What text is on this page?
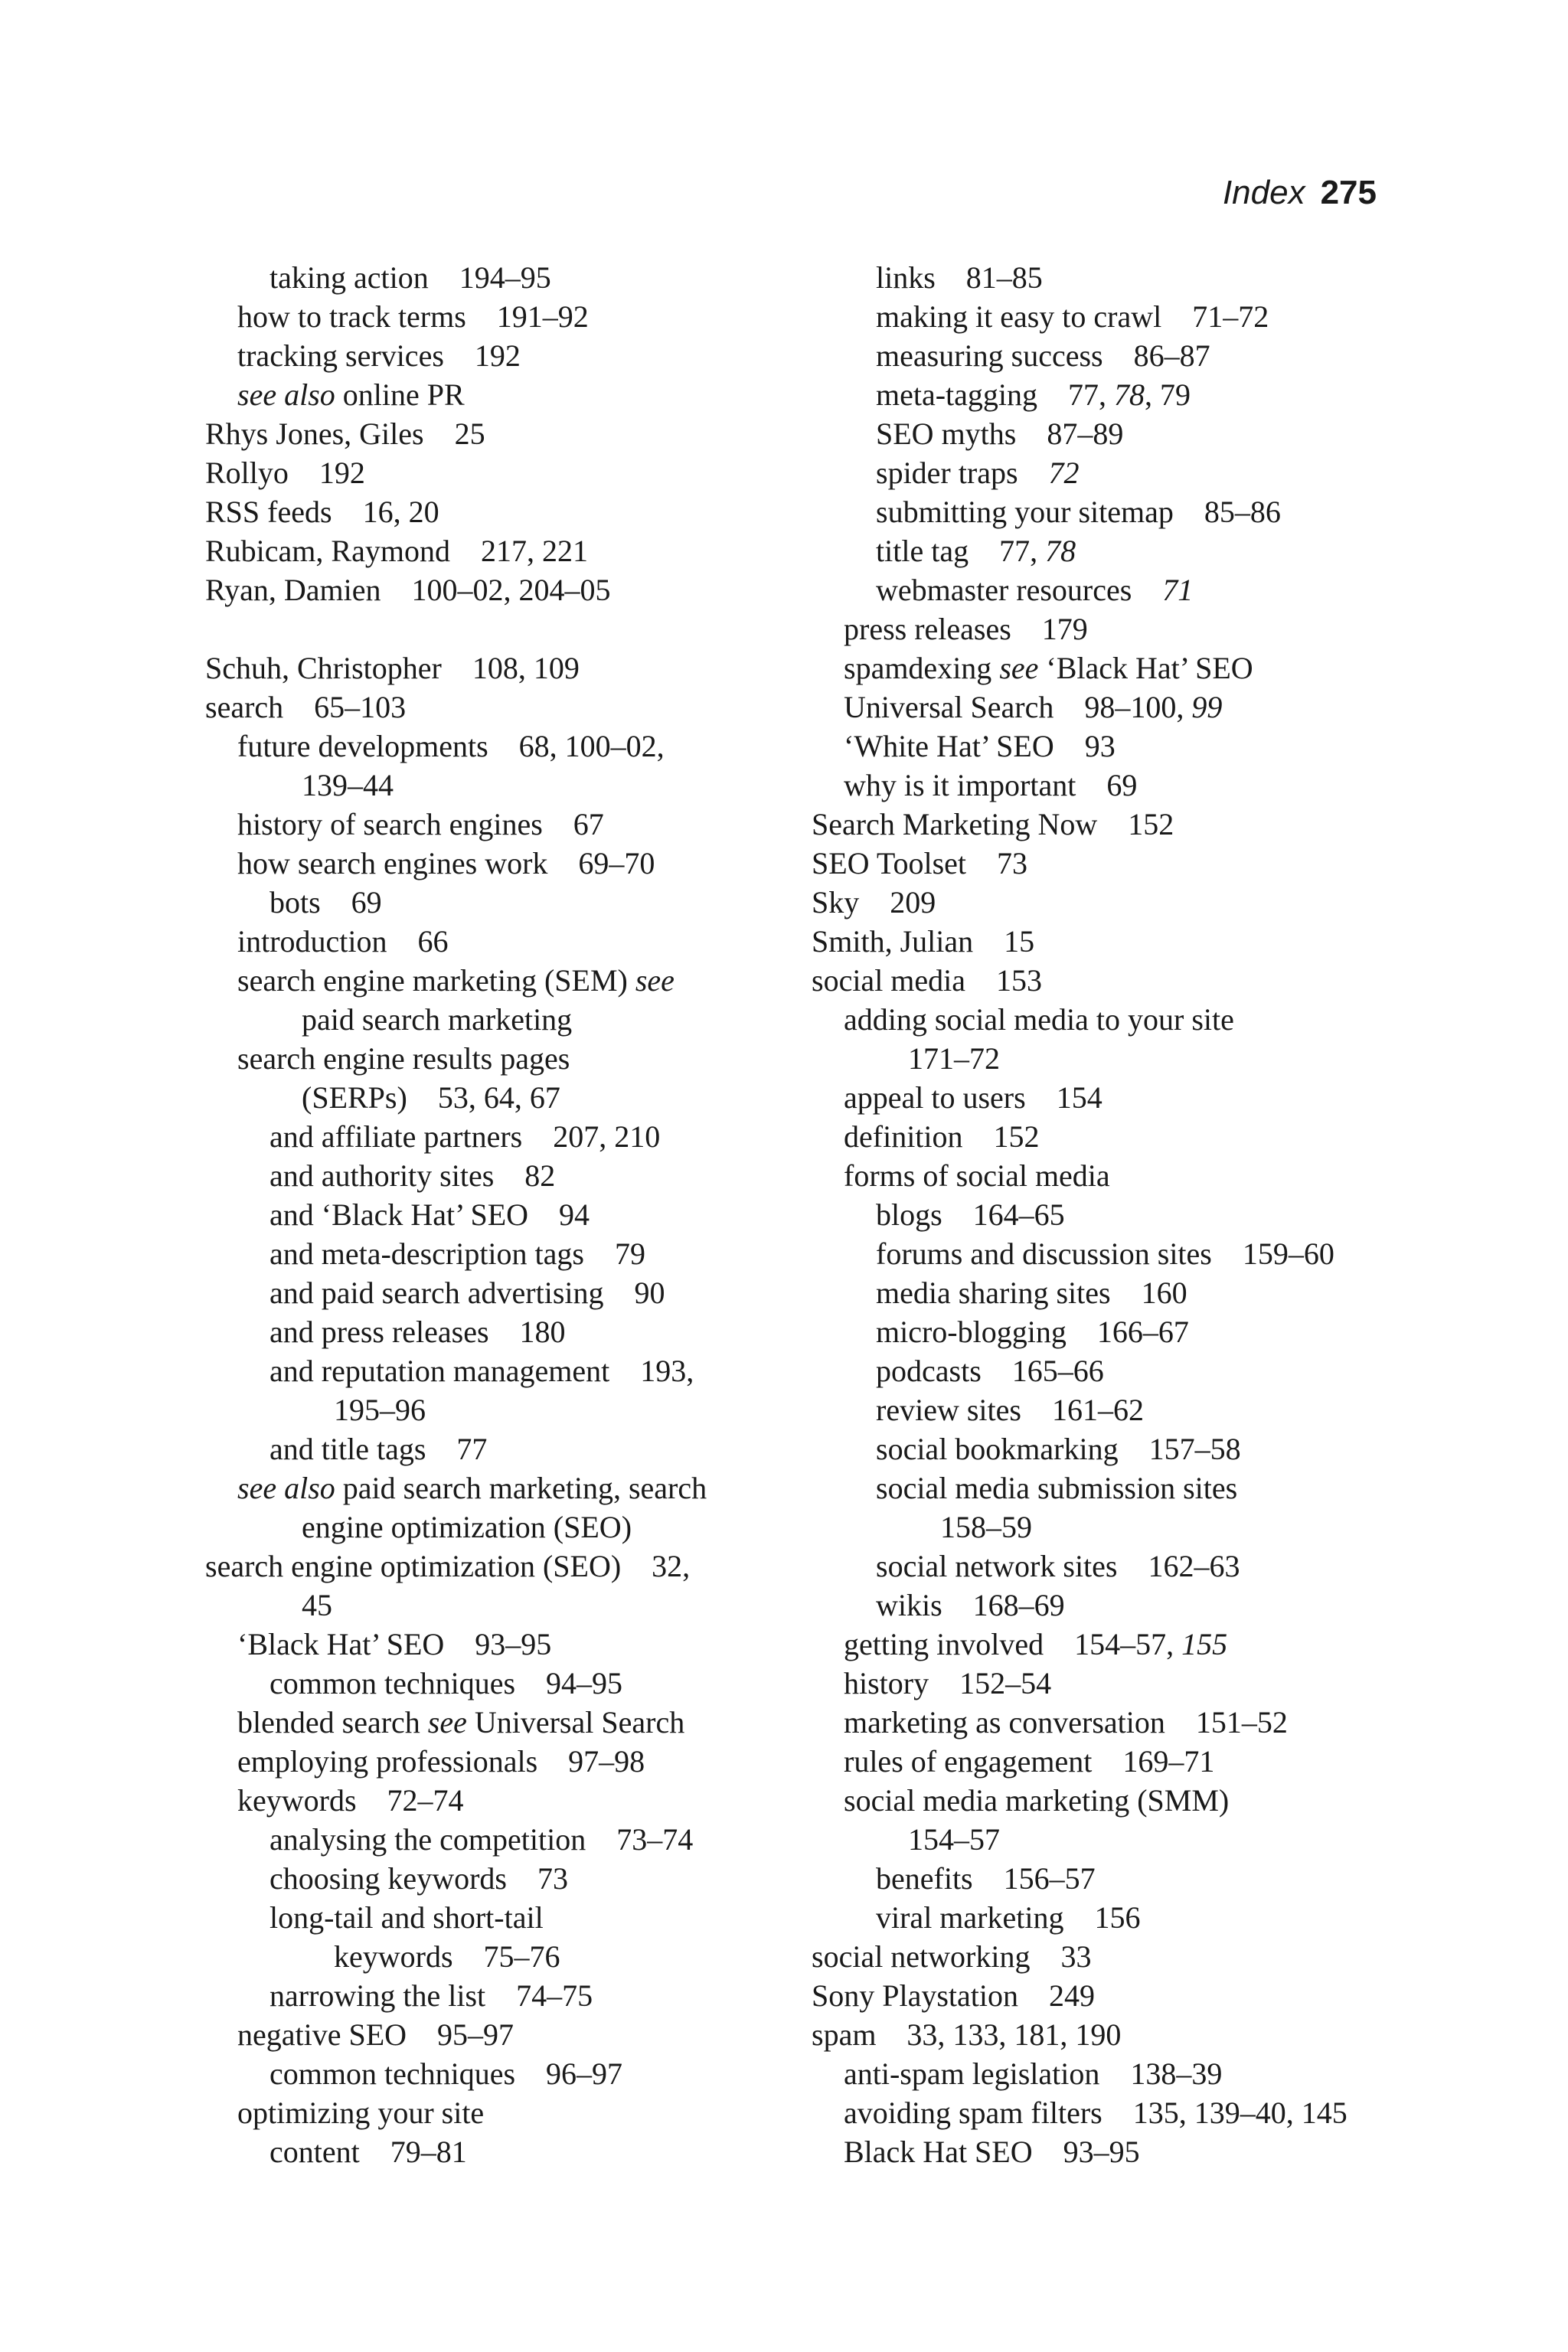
Index 275
taking action    194–95
how to track terms    191–92
tracking services    192
see also online PR
Rhys Jones, Giles    25
Rollyo    192
RSS feeds    16, 20
Rubicam, Raymond    217, 221
Ryan, Damien    100–02, 204–05
Schuh, Christopher    108, 109
search    65–103
future developments    68, 100–02,
139–44
history of search engines    67
how search engines work    69–70
bots    69
introduction    66
search engine marketing (SEM) see
paid search marketing
search engine results pages
(SERPs)    53, 64, 67
and affiliate partners    207, 210
and authority sites    82
and ‘Black Hat’ SEO    94
and meta-description tags    79
and paid search advertising    90
and press releases    180
and reputation management    193,
195–96
and title tags    77
see also paid search marketing, search
engine optimization (SEO)
search engine optimization (SEO)    32,
45
‘Black Hat’ SEO    93–95
common techniques    94–95
blended search see Universal Search
employing professionals    97–98
keywords    72–74
analysing the competition    73–74
choosing keywords    73
long-tail and short-tail
keywords    75–76
narrowing the list    74–75
negative SEO    95–97
common techniques    96–97
optimizing your site
content    79–81
links    81–85
making it easy to crawl    71–72
measuring success    86–87
meta-tagging    77, 78, 79
SEO myths    87–89
spider traps    72
submitting your sitemap    85–86
title tag    77, 78
webmaster resources    71
press releases    179
spamdexing see ‘Black Hat’ SEO
Universal Search    98–100, 99
‘White Hat’ SEO    93
why is it important    69
Search Marketing Now    152
SEO Toolset    73
Sky    209
Smith, Julian    15
social media    153
adding social media to your site
171–72
appeal to users    154
definition    152
forms of social media
blogs    164–65
forums and discussion sites    159–60
media sharing sites    160
micro-blogging    166–67
podcasts    165–66
review sites    161–62
social bookmarking    157–58
social media submission sites
158–59
social network sites    162–63
wikis    168–69
getting involved    154–57, 155
history    152–54
marketing as conversation    151–52
rules of engagement    169–71
social media marketing (SMM)
154–57
benefits    156–57
viral marketing    156
social networking    33
Sony Playstation    249
spam    33, 133, 181, 190
anti-spam legislation    138–39
avoiding spam filters    135, 139–40, 145
Black Hat SEO    93–95
